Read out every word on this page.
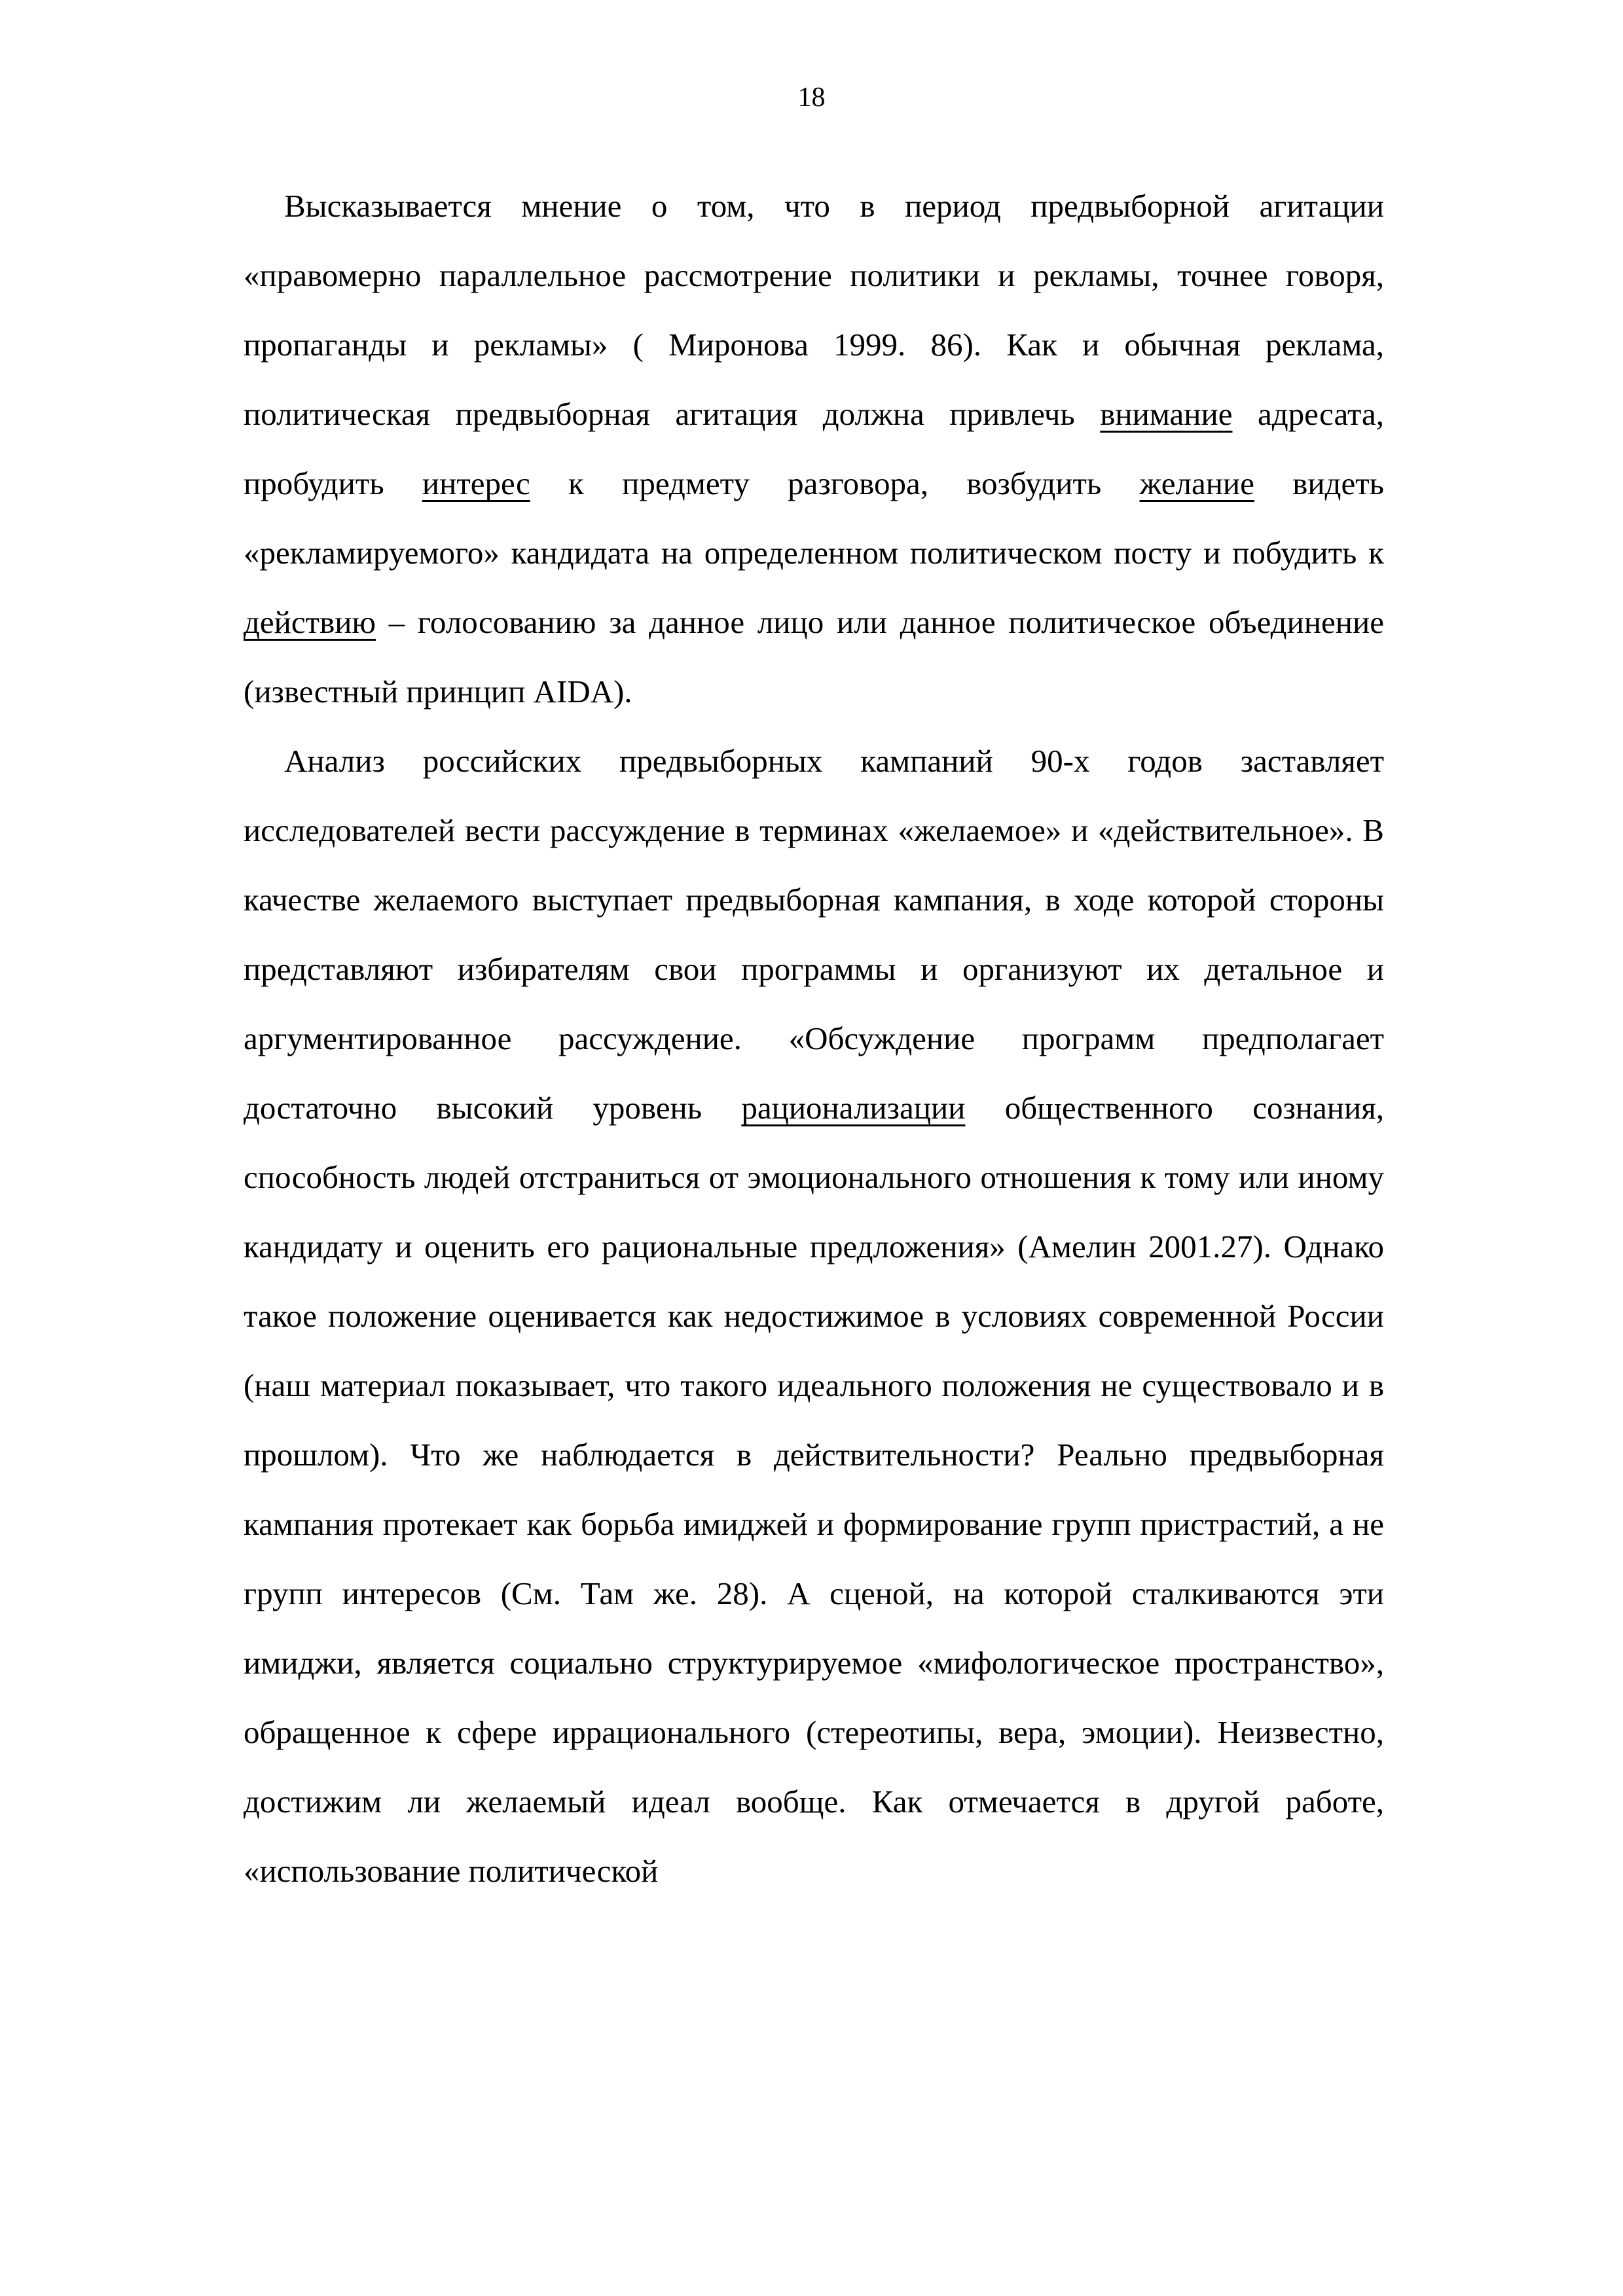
18

Высказывается мнение о том, что в период предвыборной агитации «правомерно параллельное рассмотрение политики и рекламы, точнее говоря, пропаганды и рекламы» ( Миронова 1999. 86). Как и обычная реклама, политическая предвыборная агитация должна привлечь внимание адресата, пробудить интерес к предмету разговора, возбудить желание видеть «рекламируемого» кандидата на определенном политическом посту и побудить к действию – голосованию за данное лицо или данное политическое объединение (известный принцип AIDA).

Анализ российских предвыборных кампаний 90-х годов заставляет исследователей вести рассуждение в терминах «желаемое» и «действительное». В качестве желаемого выступает предвыборная кампания, в ходе которой стороны представляют избирателям свои программы и организуют их детальное и аргументированное рассуждение. «Обсуждение программ предполагает достаточно высокий уровень рационализации общественного сознания, способность людей отстраниться от эмоционального отношения к тому или иному кандидату и оценить его рациональные предложения» (Амелин 2001.27). Однако такое положение оценивается как недостижимое в условиях современной России (наш материал показывает, что такого идеального положения не существовало и в прошлом). Что же наблюдается в действительности? Реально предвыборная кампания протекает как борьба имиджей и формирование групп пристрастий, а не групп интересов (См. Там же. 28). А сценой, на которой сталкиваются эти имиджи, является социально структурируемое «мифологическое пространство», обращенное к сфере иррационального (стереотипы, вера, эмоции). Неизвестно, достижим ли желаемый идеал вообще. Как отмечается в другой работе, «использование политической
